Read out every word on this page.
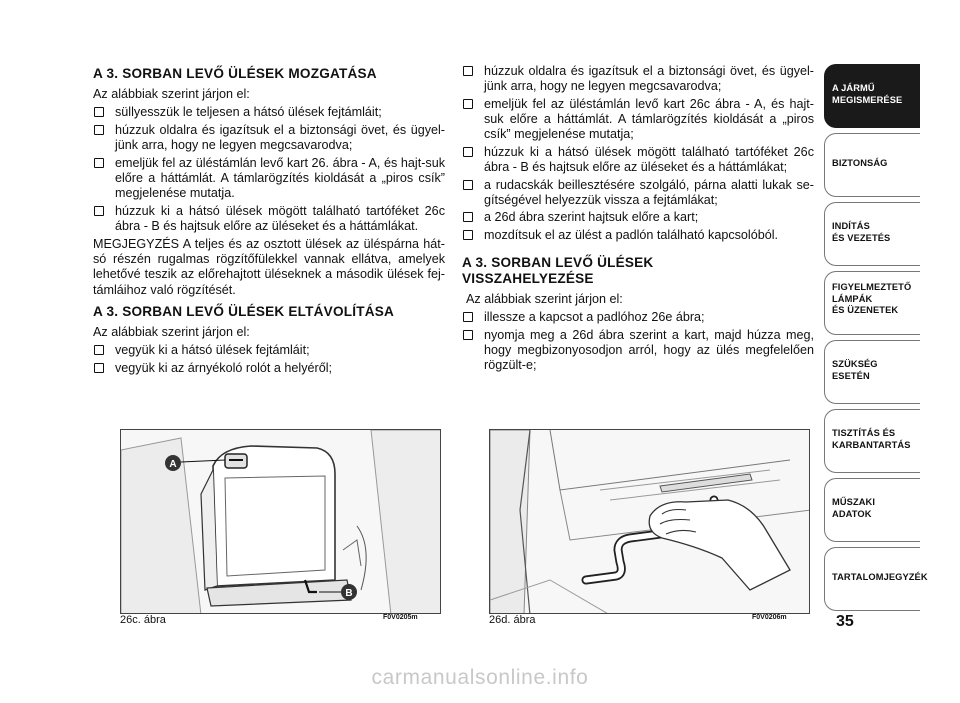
A 3. SORBAN LEVŐ ÜLÉSEK MOZGATÁSA

Az alábbiak szerint járjon el:

süllyesszük le teljesen a hátsó ülések fejtámláit;
húzzuk oldalra és igazítsuk el a biztonsági övet, és ügyel-jünk arra, hogy ne legyen megcsavarodva;
emeljük fel az üléstámlán levő kart 26. ábra - A, és hajt-suk előre a háttámlát. A támlarögzítés kioldását a „piros csík” megjelenése mutatja.
húzzuk ki a hátsó ülések mögött található tartóféket 26c ábra - B és hajtsuk előre az üléseket és a háttámlákat.

MEGJEGYZÉS A teljes és az osztott ülések az üléspárna hát-só részén rugalmas rögzítőfülekkel vannak ellátva, amelyek lehetővé teszik az előrehajtott üléseknek a második ülések fej-támláihoz való rögzítését.

A 3. SORBAN LEVŐ ÜLÉSEK ELTÁVOLÍTÁSA

Az alábbiak szerint járjon el:

vegyük ki a hátsó ülések fejtámláit;
vegyük ki az árnyékoló rolót a helyéről;
húzzuk oldalra és igazítsuk el a biztonsági övet, és ügyel-jünk arra, hogy ne legyen megcsavarodva;
emeljük fel az üléstámlán levő kart 26c ábra - A, és hajt-suk előre a háttámlát. A támlarögzítés kioldását a „piros csík” megjelenése mutatja;
húzzuk ki a hátsó ülések mögött található tartóféket 26c ábra - B és hajtsuk előre az üléseket és a háttámlákat;
a rudacskák beillesztésére szolgáló, párna alatti lukak se-gítségével helyezzük vissza a fejtámlákat;
a 26d ábra szerint hajtsuk előre a kart;
mozdítsuk el az ülést a padlón található kapcsolóból.
A 3. SORBAN LEVŐ ÜLÉSEK
VISSZAHELYEZÉSE

Az alábbiak szerint járjon el:

illessze a kapcsot a padlóhoz 26e ábra;
nyomja meg a 26d ábra szerint a kart, majd húzza meg, hogy megbizonyosodjon arról, hogy az ülés megfelelően rögzült-e;
A
B
26c. ábra	F0V0205m	26d. ábra	F0V0206m
A JÁRMŰ
MEGISMERÉSE
BIZTONSÁG
INDÍTÁS
ÉS VEZETÉS
FIGYELMEZTETŐ
LÁMPÁK
ÉS ÜZENETEK
SZÜKSÉG
ESETÉN
TISZTÍTÁS ÉS
KARBANTARTÁS
MŰSZAKI
ADATOK
TARTALOMJEGYZÉK
35
carmanualsonline.info
